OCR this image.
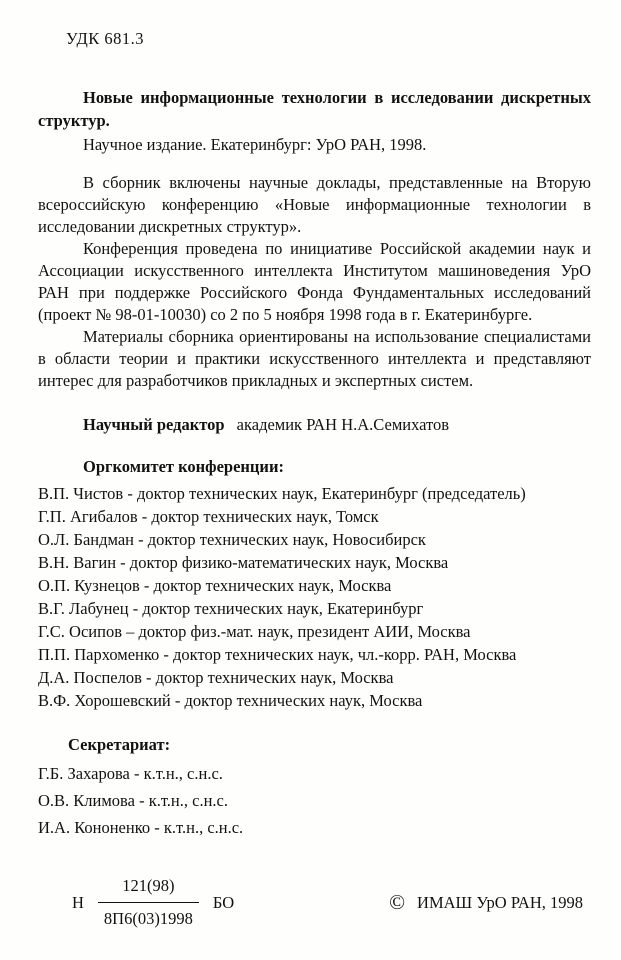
УДК 681.3

Новые информационные технологии в исследовании дискретных структур.

Научное издание. Екатеринбург: УрО РАН, 1998.

В сборник включены научные доклады, представленные на Вторую всероссийскую конференцию «Новые информационные технологии в исследовании дискретных структур».

Конференция проведена по инициативе Российской академии наук и Ассоциации искусственного интеллекта Институтом машиноведения УрО РАН при поддержке Российского Фонда Фундаментальных исследований (проект № 98-01-10030) со 2 по 5 ноября 1998 года в г. Екатеринбурге.

Материалы сборника ориентированы на использование специалистами в области теории и практики искусственного интеллекта и представляют интерес для разработчиков прикладных и экспертных систем.

Научный редактор академик РАН Н.А.Семихатов
Оргкомитет конференции:
В.П. Чистов - доктор технических наук, Екатеринбург (председатель)
Г.П. Агибалов - доктор технических наук, Томск
О.Л. Бандман - доктор технических наук, Новосибирск
В.Н. Вагин - доктор физико-математических наук, Москва
О.П. Кузнецов - доктор технических наук, Москва
В.Г. Лабунец - доктор технических наук, Екатеринбург
Г.С. Осипов – доктор физ.-мат. наук, президент АИИ, Москва
П.П. Пархоменко - доктор технических наук, чл.-корр. РАН, Москва
Д.А. Поспелов - доктор технических наук, Москва
В.Ф. Хорошевский - доктор технических наук, Москва
Секретариат:
Г.Б. Захарова - к.т.н., с.н.с.
О.В. Климова - к.т.н., с.н.с.
И.А. Кононенко - к.т.н., с.н.с.
Н $\frac{121(98)}{8П6(03)1998}$ БО	© ИМАШ УрО РАН, 1998
